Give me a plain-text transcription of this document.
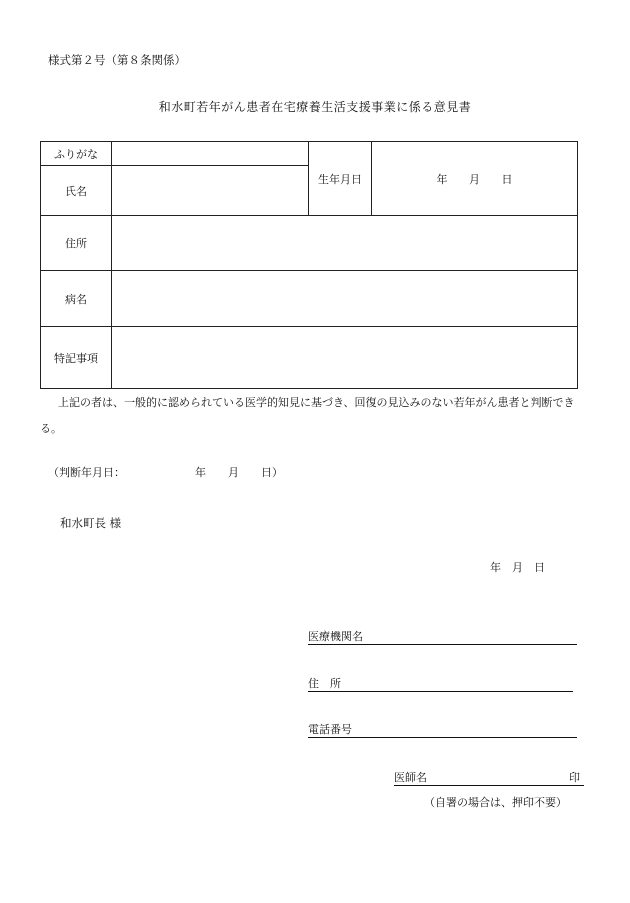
様式第２号（第８条関係）
和水町若年がん患者在宅療養生活支援事業に係る意見書
ふりがな		生年月日	年 月 日
氏名			
住所			
病名			
特記事項			
上記の者は、一般的に認められている医学的知見に基づき、回復の見込みのない若年がん患者と判断できる。
（判断年月日：	年 月 日）
和水町長 様
年　月　日
医療機関名
住　所
電話番号
医師名	印
（自署の場合は、押印不要）
